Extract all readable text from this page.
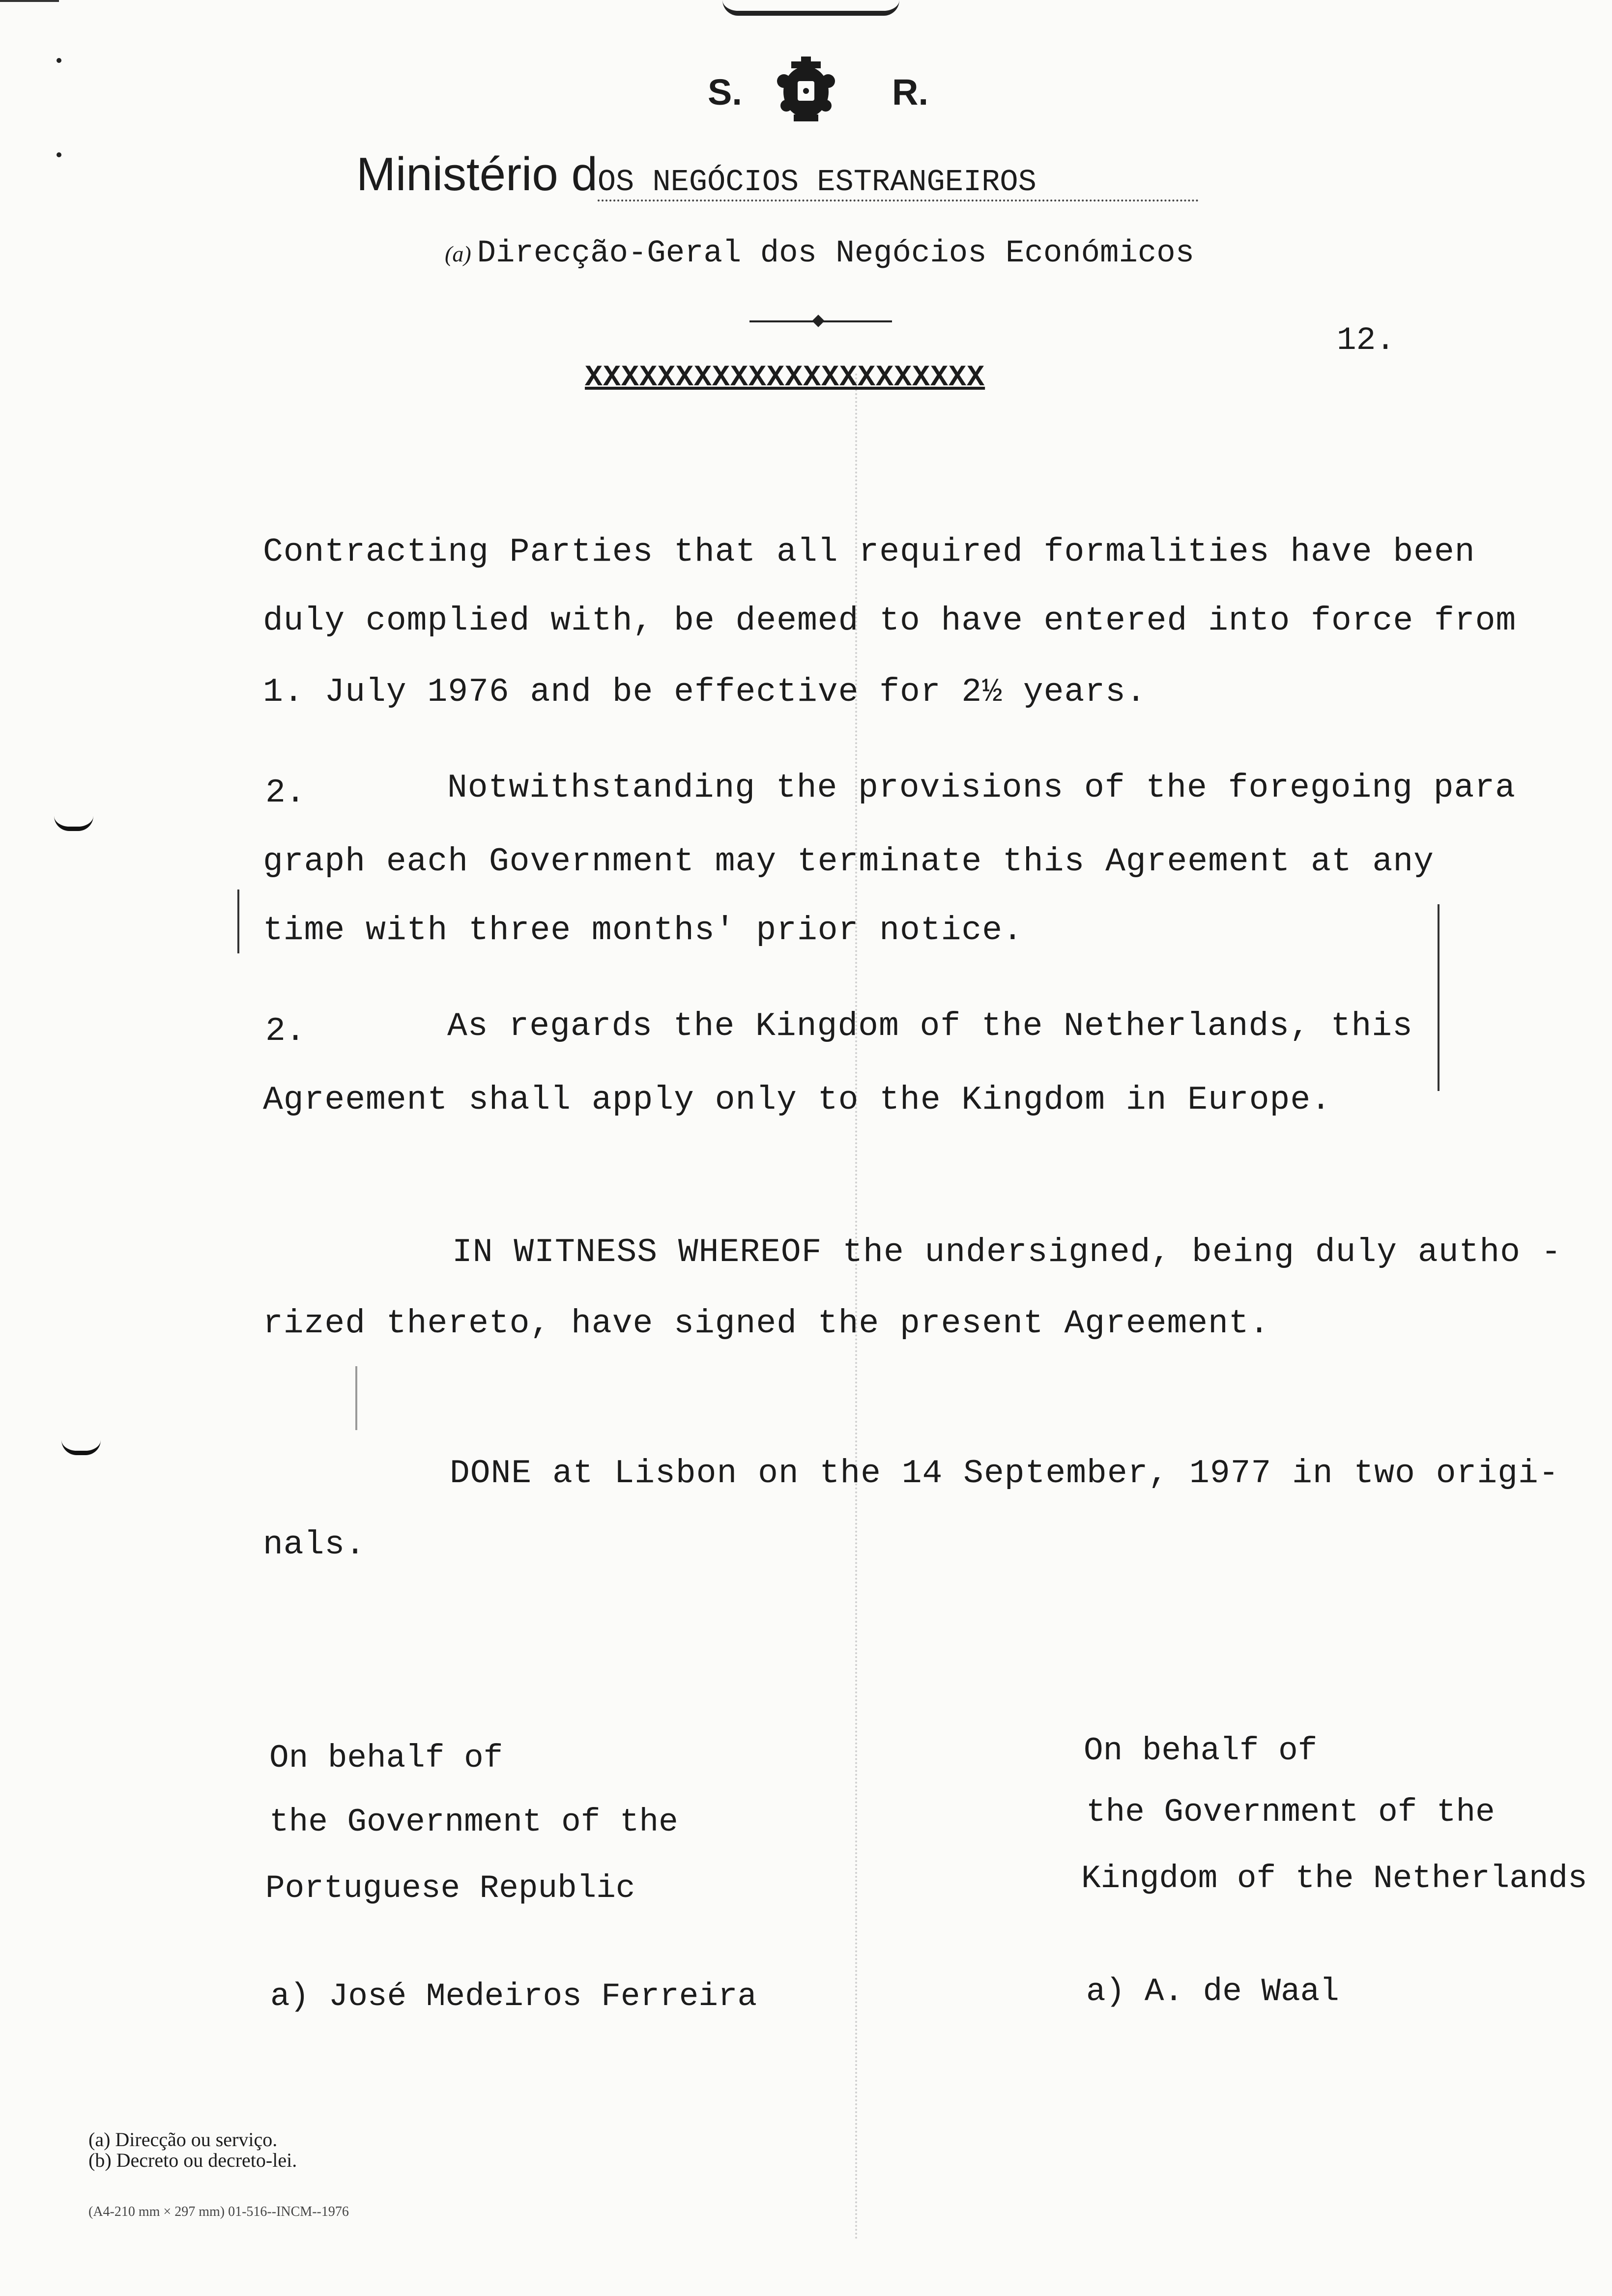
S.	R.
Ministério dOS NEGÓCIOS ESTRANGEIROS
(a) Direcção-Geral dos Negócios Económicos
12.
XXXXXXXXXXXXXXXXXXXXXX
Contracting Parties that all required formalities have been
duly complied with, be deemed to have entered into force from
1. July 1976 and be effective for 2½ years.
2.	Notwithstanding the provisions of the foregoing para
graph each Government may terminate this Agreement at any
time with three months' prior notice.
2.	As regards the Kingdom of the Netherlands, this
Agreement shall apply only to the Kingdom in Europe.
IN WITNESS WHEREOF the undersigned, being duly autho -
rized thereto, have signed the present Agreement.
DONE at Lisbon on the 14 September, 1977 in two origi-
nals.
On behalf of
the Government of the
Portuguese Republic
a) José Medeiros Ferreira
On behalf of
the Government of the
Kingdom of the Netherlands
a) A. de Waal
(a) Direcção ou serviço.
(b) Decreto ou decreto-lei.
(A4-210 mm × 297 mm) 01-516--INCM--1976
